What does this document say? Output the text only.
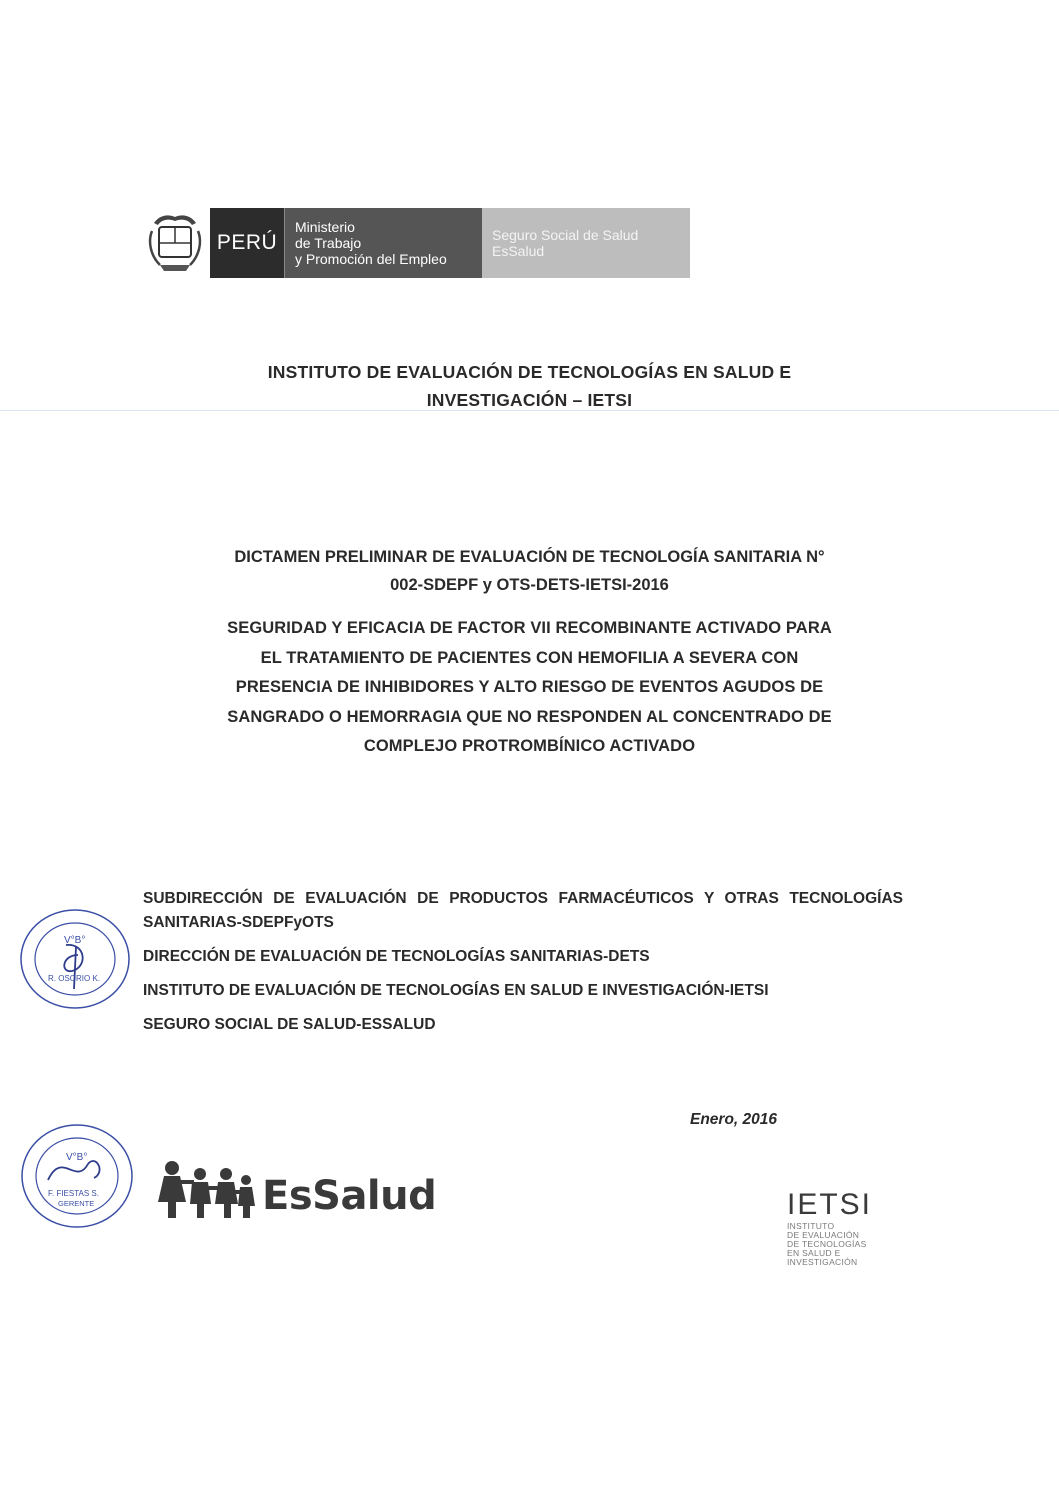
PERÚ
Ministerio
de Trabajo
y Promoción del Empleo
Seguro Social de Salud
EsSalud
INSTITUTO DE EVALUACIÓN DE TECNOLOGÍAS EN SALUD E
INVESTIGACIÓN – IETSI
DICTAMEN PRELIMINAR DE EVALUACIÓN DE TECNOLOGÍA SANITARIA N°
002-SDEPF y OTS-DETS-IETSI-2016
SEGURIDAD Y EFICACIA DE FACTOR VII RECOMBINANTE ACTIVADO PARA
EL TRATAMIENTO DE PACIENTES CON HEMOFILIA A SEVERA CON
PRESENCIA DE INHIBIDORES Y ALTO RIESGO DE EVENTOS AGUDOS DE
SANGRADO O HEMORRAGIA QUE NO RESPONDEN AL CONCENTRADO DE
COMPLEJO PROTROMBÍNICO ACTIVADO
SUBDIRECCIÓN DE EVALUACIÓN DE PRODUCTOS FARMACÉUTICOS Y OTRAS TECNOLOGÍAS SANITARIAS-SDEPFyOTS
DIRECCIÓN DE EVALUACIÓN DE TECNOLOGÍAS SANITARIAS-DETS
INSTITUTO DE EVALUACIÓN DE TECNOLOGÍAS EN SALUD E INVESTIGACIÓN-IETSI
SEGURO SOCIAL DE SALUD-ESSALUD
Enero, 2016
V°B°
R. OSORIO K.
V°B°
F. FIESTAS S.
GERENTE	EsSalud	IETSI
INSTITUTO
DE EVALUACIÓN
DE TECNOLOGÍAS
EN SALUD E
INVESTIGACIÓN
